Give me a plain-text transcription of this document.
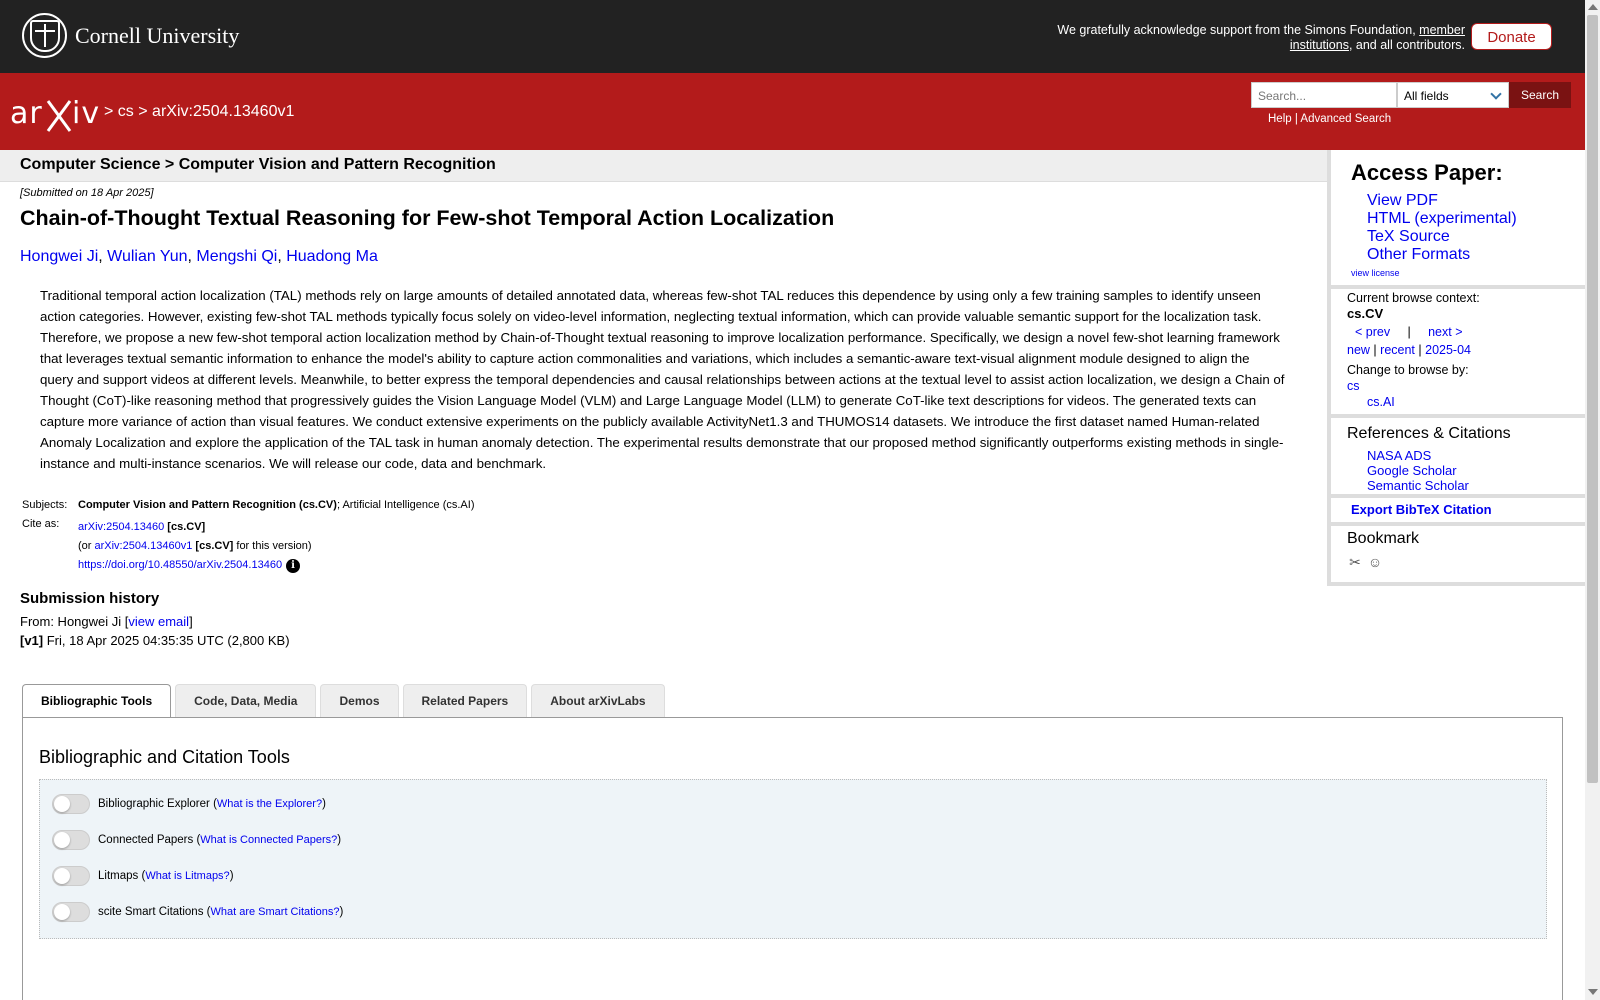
Cornell University	We gratefully acknowledge support from the Simons Foundation, member institutions, and all contributors.	Donate
ar iv > cs > arXiv:2504.13460v1
Search...	All fields	Search
Help | Advanced Search
Computer Science > Computer Vision and Pattern Recognition
[Submitted on 18 Apr 2025]
Chain-of-Thought Textual Reasoning for Few-shot Temporal Action Localization
Hongwei Ji, Wulian Yun, Mengshi Qi, Huadong Ma
Traditional temporal action localization (TAL) methods rely on large amounts of detailed annotated data, whereas few-shot TAL reduces this dependence by using only a few training samples to identify unseen action categories. However, existing few-shot TAL methods typically focus solely on video-level information, neglecting textual information, which can provide valuable semantic support for the localization task. Therefore, we propose a new few-shot temporal action localization method by Chain-of-Thought textual reasoning to improve localization performance. Specifically, we design a novel few-shot learning framework that leverages textual semantic information to enhance the model's ability to capture action commonalities and variations, which includes a semantic-aware text-visual alignment module designed to align the query and support videos at different levels. Meanwhile, to better express the temporal dependencies and causal relationships between actions at the textual level to assist action localization, we design a Chain of Thought (CoT)-like reasoning method that progressively guides the Vision Language Model (VLM) and Large Language Model (LLM) to generate CoT-like text descriptions for videos. The generated texts can capture more variance of action than visual features. We conduct extensive experiments on the publicly available ActivityNet1.3 and THUMOS14 datasets. We introduce the first dataset named Human-related Anomaly Localization and explore the application of the TAL task in human anomaly detection. The experimental results demonstrate that our proposed method significantly outperforms existing methods in single-instance and multi-instance scenarios. We will release our code, data and benchmark.
Subjects: Computer Vision and Pattern Recognition (cs.CV); Artificial Intelligence (cs.AI)
Cite as:	arXiv:2504.13460 [cs.CV]
(or arXiv:2504.13460v1 [cs.CV] for this version)
https://doi.org/10.48550/arXiv.2504.13460 i
Submission history
From: Hongwei Ji [view email]
[v1] Fri, 18 Apr 2025 04:35:35 UTC (2,800 KB)
Bibliographic Tools	Code, Data, Media	Demos	Related Papers	About arXivLabs
Bibliographic and Citation Tools
Bibliographic Explorer ( What is the Explorer? )
Connected Papers ( What is Connected Papers? )
Litmaps ( What is Litmaps? )
scite Smart Citations ( What are Smart Citations? )
Access Paper:
View PDF
HTML (experimental)
TeX Source
Other Formats
view license
Current browse context:
cs.CV
< prev | next >
new | recent | 2025-04
Change to browse by:
cs
cs.AI
References & Citations
NASA ADS
Google Scholar
Semantic Scholar
Export BibTeX Citation
Bookmark
✂ ☺
